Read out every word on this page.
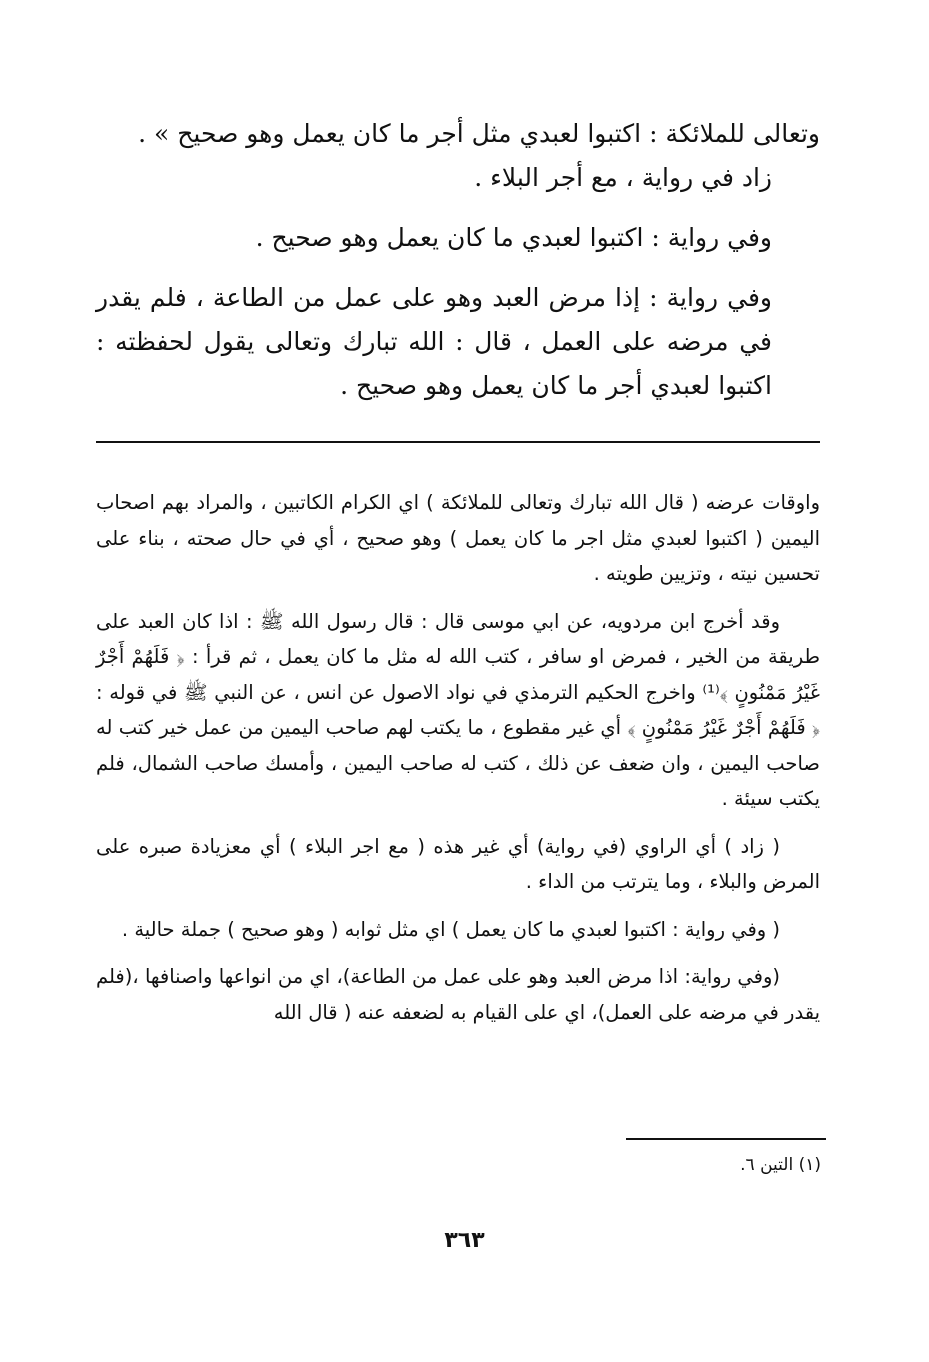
وتعالى للملائكة : اكتبوا لعبدي مثل أجر ما كان يعمل وهو صحيح » .

زاد في رواية ، مع أجر البلاء .

وفي رواية : اكتبوا لعبدي ما كان يعمل وهو صحيح .

وفي رواية : إذا مرض العبد وهو على عمل من الطاعة ، فلم يقدر في مرضه على العمل ، قال : الله تبارك وتعالى يقول لحفظته : اكتبوا لعبدي أجر ما كان يعمل وهو صحيح .

واوقات عرضه ( قال الله تبارك وتعالى للملائكة ) اي الكرام الكاتبين ، والمراد بهم اصحاب اليمين ( اكتبوا لعبدي مثل اجر ما كان يعمل ) وهو صحيح ، أي في حال صحته ، بناء على تحسين نيته ، وتزيين طويته .

وقد أخرج ابن مردويه، عن ابي موسى قال : قال رسول الله ﷺ : اذا كان العبد على طريقة من الخير ، فمرض او سافر ، كتب الله له مثل ما كان يعمل ، ثم قرأ : ﴿ فَلَهُمْ أَجْرٌ غَيْرُ مَمْنُونٍ ﴾⁽¹⁾ واخرج الحكيم الترمذي في نواد الاصول عن انس ، عن النبي ﷺ في قوله : ﴿ فَلَهُمْ أَجْرٌ غَيْرُ مَمْنُونٍ ﴾ أي غير مقطوع ، ما يكتب لهم صاحب اليمين من عمل خير كتب له صاحب اليمين ، وان ضعف عن ذلك ، كتب له صاحب اليمين ، وأمسك صاحب الشمال، فلم يكتب سيئة .

( زاد ) أي الراوي (في رواية) أي غير هذه ( مع اجر البلاء ) أي معزيادة صبره على المرض والبلاء ، وما يترتب من الداء .

( وفي رواية : اكتبوا لعبدي ما كان يعمل ) اي مثل ثوابه ( وهو صحيح ) جملة حالية .

(وفي رواية: اذا مرض العبد وهو على عمل من الطاعة)، اي من انواعها واصنافها ،(فلم يقدر في مرضه على العمل)، اي على القيام به لضعفه عنه ( قال الله

(١) التين ٦.
٣٦٣
